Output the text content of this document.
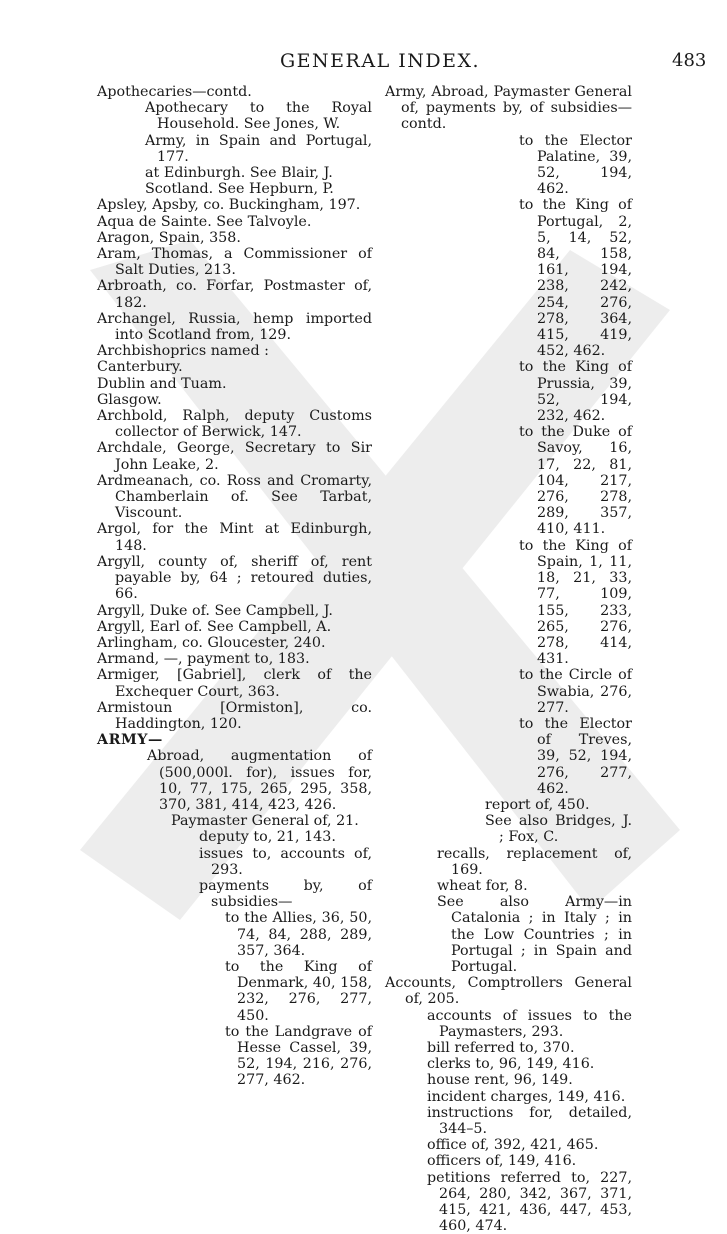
GENERAL INDEX.	483
Apothecaries—contd.
Apothecary to the Royal Household. See Jones, W.
Army, in Spain and Portugal, 177.
at Edinburgh. See Blair, J.
Scotland. See Hepburn, P.
Apsley, Apsby, co. Buckingham, 197.
Aqua de Sainte. See Talvoyle.
Aragon, Spain, 358.
Aram, Thomas, a Commissioner of Salt Duties, 213.
Arbroath, co. Forfar, Postmaster of, 182.
Archangel, Russia, hemp imported into Scotland from, 129.
Archbishoprics named :
Canterbury.
Dublin and Tuam.
Glasgow.
Archbold, Ralph, deputy Customs collector of Berwick, 147.
Archdale, George, Secretary to Sir John Leake, 2.
Ardmeanach, co. Ross and Cromarty, Chamberlain of. See Tarbat, Viscount.
Argol, for the Mint at Edinburgh, 148.
Argyll, county of, sheriff of, rent payable by, 64 ; retoured duties, 66.
Argyll, Duke of. See Campbell, J.
Argyll, Earl of. See Campbell, A.
Arlingham, co. Gloucester, 240.
Armand, —, payment to, 183.
Armiger, [Gabriel], clerk of the Exchequer Court, 363.
Armistoun [Ormiston], co. Haddington, 120.
ARMY—
Abroad, augmentation of (500,000l. for), issues for, 10, 77, 175, 265, 295, 358, 370, 381, 414, 423, 426.
Paymaster General of, 21.
deputy to, 21, 143.
issues to, accounts of, 293.
payments by, of subsidies—
to the Allies, 36, 50, 74, 84, 288, 289, 357, 364.
to the King of Denmark, 40, 158, 232, 276, 277, 450.
to the Landgrave of Hesse Cassel, 39, 52, 194, 216, 276, 277, 462.
Army, Abroad, Paymaster General of, payments by, of subsidies—contd.
to the Elector Palatine, 39, 52, 194, 462.
to the King of Portugal, 2, 5, 14, 52, 84, 158, 161, 194, 238, 242, 254, 276, 278, 364, 415, 419, 452, 462.
to the King of Prussia, 39, 52, 194, 232, 462.
to the Duke of Savoy, 16, 17, 22, 81, 104, 217, 276, 278, 289, 357, 410, 411.
to the King of Spain, 1, 11, 18, 21, 33, 77, 109, 155, 233, 265, 276, 278, 414, 431.
to the Circle of Swabia, 276, 277.
to the Elector of Treves, 39, 52, 194, 276, 277, 462.
report of, 450.
See also Bridges, J. ; Fox, C.
recalls, replacement of, 169.
wheat for, 8.
See also Army—in Catalonia ; in Italy ; in the Low Countries ; in Portugal ; in Spain and Portugal.
Accounts, Comptrollers General of, 205.
accounts of issues to the Paymasters, 293.
bill referred to, 370.
clerks to, 96, 149, 416.
house rent, 96, 149.
incident charges, 149, 416.
instructions for, detailed, 344–5.
office of, 392, 421, 465.
officers of, 149, 416.
petitions referred to, 227, 264, 280, 342, 367, 371, 415, 421, 436, 447, 453, 460, 474.
